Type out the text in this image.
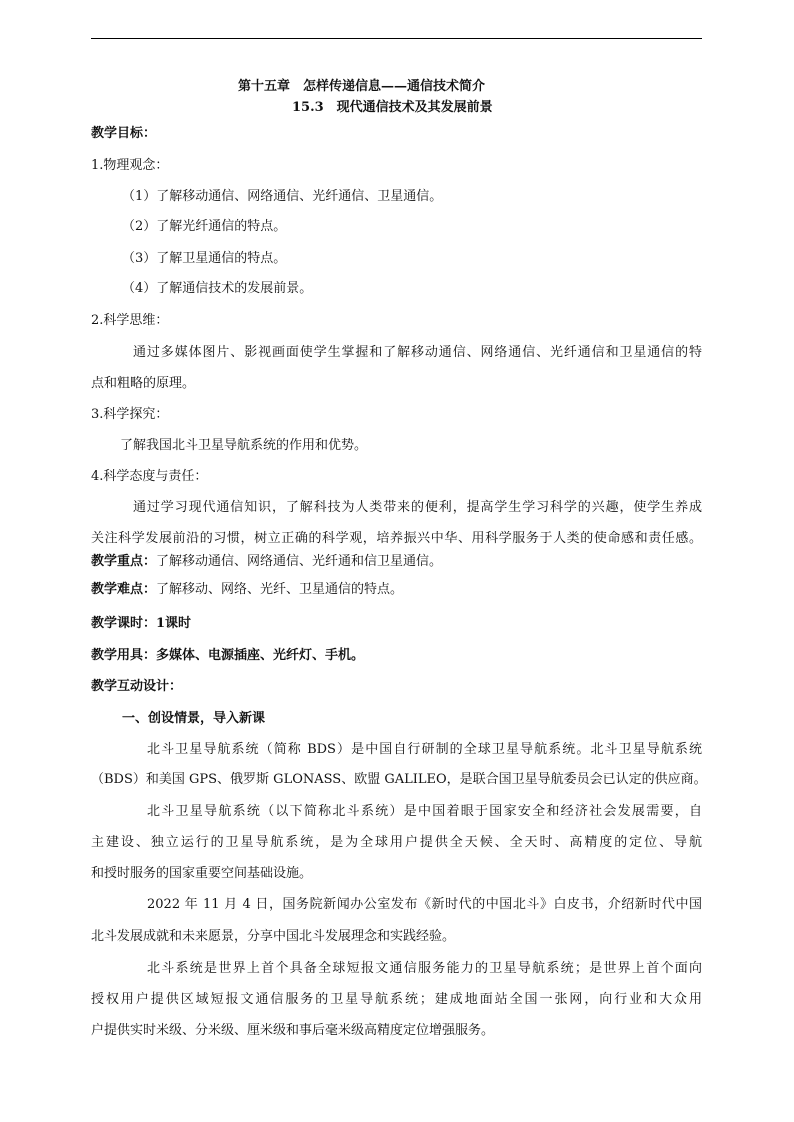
第十五章　怎样传递信息——通信技术简介
15.3　现代通信技术及其发展前景
教学目标：
1.物理观念：
（1）了解移动通信、网络通信、光纤通信、卫星通信。
（2）了解光纤通信的特点。
（3）了解卫星通信的特点。
（4）了解通信技术的发展前景。
2.科学思维：
通过多媒体图片、影视画面使学生掌握和了解移动通信、网络通信、光纤通信和卫星通信的特
点和粗略的原理。
3.科学探究：
了解我国北斗卫星导航系统的作用和优势。
4.科学态度与责任：
通过学习现代通信知识，了解科技为人类带来的便利，提高学生学习科学的兴趣，使学生养成
关注科学发展前沿的习惯，树立正确的科学观，培养振兴中华、用科学服务于人类的使命感和责任感。
教学重点：了解移动通信、网络通信、光纤通和信卫星通信。
教学难点：了解移动、网络、光纤、卫星通信的特点。
教学课时：1课时
教学用具：多媒体、电源插座、光纤灯、手机。
教学互动设计：
一、创设情景，导入新课
北斗卫星导航系统（简称 BDS）是中国自行研制的全球卫星导航系统。北斗卫星导航系统
（BDS）和美国 GPS、俄罗斯 GLONASS、欧盟 GALILEO，是联合国卫星导航委员会已认定的供应商。
北斗卫星导航系统（以下简称北斗系统）是中国着眼于国家安全和经济社会发展需要，自
主建设、独立运行的卫星导航系统，是为全球用户提供全天候、全天时、高精度的定位、导航
和授时服务的国家重要空间基础设施。
2022 年 11 月 4 日，国务院新闻办公室发布《新时代的中国北斗》白皮书，介绍新时代中国
北斗发展成就和未来愿景，分享中国北斗发展理念和实践经验。
北斗系统是世界上首个具备全球短报文通信服务能力的卫星导航系统；是世界上首个面向
授权用户提供区域短报文通信服务的卫星导航系统；建成地面站全国一张网，向行业和大众用
户提供实时米级、分米级、厘米级和事后毫米级高精度定位增强服务。
